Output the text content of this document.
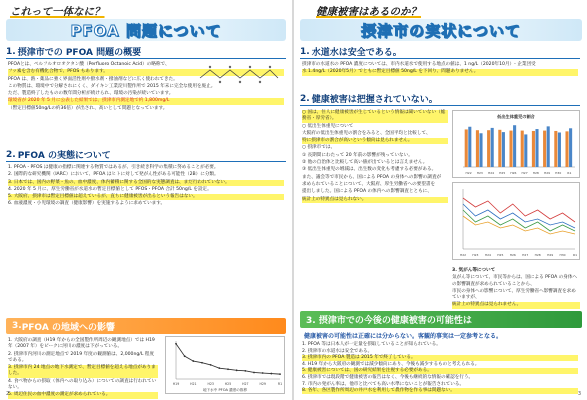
これって一体なに？
PFOA 問題について
1. 摂津市での PFOA 問題の概要

PFOAとは、ペルフルオロオクタン酸（Perfluoro Octanoic Acid）の略称で、

フッ素を含む有機化合物で、PFOS もあります。

PFOA は、熱・薬品に強く界面活性剤や撥水剤・撥油剤などに広く使われてきた。

この物質は、環境中で分解されにくく、ダイキン工業淀川製作所で 2015 年末に完全な使用を廃止。

ただ、製造終了したものの数年間分析が続けられ、環境の汚染が続いています。

環境省が 2020 年 5 月に公表した結果では、摂津市内測定地で約 1,800mg/L

（暫定目標値50ng/Lの約36倍）が出され、高いとして問題となっています。

2. PFOA の実態について
1. PFOA・PFOS は健康の指標に関連する物質ではあるが、引き続き科学の集積に努めることが必要。
2. 国際的な研究機関（IARC）において、PFOA はヒトに対して発がん性がある可能性（2B）に分類。
3. 日本では、国内の野菜・魚の、血中濃度、体内蓄積に関する全国的な実態調査は、まだ行われていない。
4. 2020 年 5 月に、厚生労働省が水道水の暫定目標値として PFOS・PFOA 合計 50ng/L を設定。
5. 大阪府、摂津市は暫定目標値は超えているが、直ちに健康被害が出るという報告はない。
6. 血液濃度・小児環境の調査（健康影響）を実施するように求めています。
3. PFOA の地域への影響
1. 大阪府の調査（H19 年からの全国製作所周辺の観測地点）では H19 年（2007 年）をピークに河川の濃度は下がっている。
2. 摂津市内河川の測定地点で 2019 年度の観測値は、2,000ng/L 程度である。
3. 摂津市内 24 地点の地下水測定で、暫定目標値を超える地点がありました。
4. 食べ物からの摂取（体内への取り込み）についての調査は行われていない。
5. 周辺住民の血中濃度の測定が求められている。
H19	H21	H23	H25	H27	H29	R1
地下水中 PFOA 濃度の推移
2
健康被害はあるのか？
摂津市の実状について
1. 水道水は安全である。

摂津市の水道水の PFOA 濃度については、市内水道水で使用する地点の値は、1 ng/L（2020年10月）- 企業団受

水 1.4ng/L（2020年5月）でともに暫定目標値 50ng/L を下回り、問題ありません。

2. 健康被害は把握されていない。

○ 国は、住人に健康被害が生じているという情報は聞いていない（総務省・厚労省）。

○ 低出生体重児について

大阪府の低出生体重児の割合をみると、全国平均と比較して、

特に摂津市の割合が高いという傾向は見られません。

○ 摂津市では、

① 長期間にわたって 20 年前の影響が残っていない。

② 他の自治体と比較して高い値が出ているとは言えません。

③ 低出生体重児の増減は、出生数の変化も考慮する必要がある。

また、議会等で市民から、国による PFOA の身体への影響の調査が

求められていることについて、大阪府、厚生労働省への要望書を

提出しました。国による PFOA の体内への影響調査とともに、

統計上の特異点は見られない。

低出生体重児の割合
H22 H23 H24 H25 H26 H27 H28 H29 H30 R1
H22 H23 H24 H25 H26 H27 H28 H29 H30 R1

3. 気がん等について

気がん等について、市民等からは、国による PFOA の身体への影響調査が求められていることから、

市民の身体への影響について、厚生労働省へ影響調査を求めていますが、

統計上の特異点は見られません。

3. 摂津市での今後の健康被害の可能性は
健康被害の可能性は正確には分からない。客観的事実は一定参考となる。
1. PFOA 等は日本人が一定量を摂取していることが知られている。
2. 摂津市の水道水は安全である。
3. 摂津市内の PFOA 製造は 2015 年で終了している。
4. H19 年から大阪府の観測では減少傾向にあり、今後も減少するものと考えられる。
5. 健康被害については、国の研究結果を注視する必要がある。
6. 摂津市では現段階で健康被害の報告はなく、今後も継続的な情報の確認を行う。
7. 市内の発がん率は、他市と比べても高い水準にないことが報告されている。
8. 各年、各区製作所周辺の井戸水を利用して農作物を作る事は問題ない。
3
